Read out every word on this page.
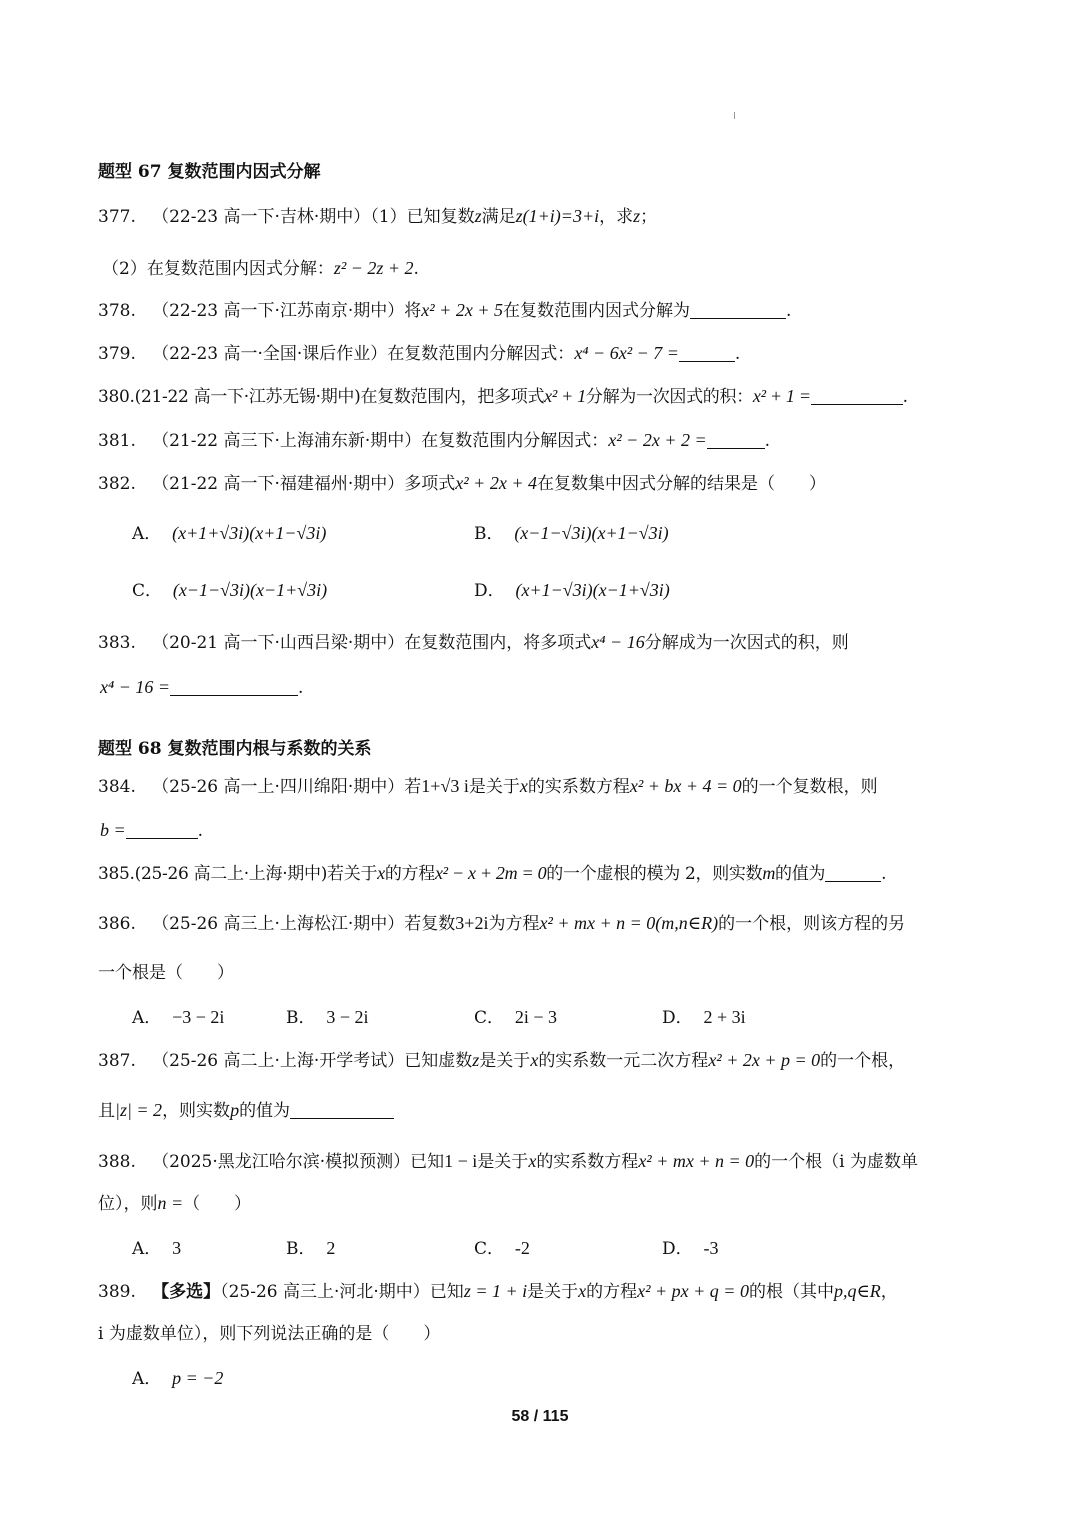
题型 67 复数范围内因式分解
377. （22-23 高一下·吉林·期中）（1）已知复数z满足z(1+i)=3+i，求z；
（2）在复数范围内因式分解：z² − 2z + 2.
378. （22-23 高一下·江苏南京·期中）将x² + 2x + 5在复数范围内因式分解为	.
379. （22-23 高一·全国·课后作业）在复数范围内分解因式：x⁴ − 6x² − 7 =	.
380.(21-22 高一下·江苏无锡·期中)在复数范围内，把多项式x² + 1分解为一次因式的积：x² + 1 =	.
381. （21-22 高三下·上海浦东新·期中）在复数范围内分解因式：x² − 2x + 2 =	.
382. （21-22 高一下·福建福州·期中）多项式x² + 2x + 4在复数集中因式分解的结果是（　　）
A． (x+1+√3i)(x+1−√3i)	B． (x−1−√3i)(x+1−√3i)
C． (x−1−√3i)(x−1+√3i)	D． (x+1−√3i)(x−1+√3i)
383. （20-21 高一下·山西吕梁·期中）在复数范围内，将多项式x⁴ − 16分解成为一次因式的积，则
x⁴ − 16 =	.
题型 68 复数范围内根与系数的关系
384. （25-26 高一上·四川绵阳·期中）若1+√3 i是关于x的实系数方程x² + bx + 4 = 0的一个复数根，则
b =	.
385.(25-26 高二上·上海·期中)若关于x的方程x² − x + 2m = 0的一个虚根的模为 2，则实数m的值为	.
386. （25-26 高三上·上海松江·期中）若复数3+2i为方程x² + mx + n = 0(m,n∈R)的一个根，则该方程的另
一个根是（　　）
A． −3 − 2i	B． 3 − 2i	C． 2i − 3	D． 2 + 3i
387. （25-26 高二上·上海·开学考试）已知虚数z是关于x的实系数一元二次方程x² + 2x + p = 0的一个根，
且|z| = 2，则实数p的值为
388. （2025·黑龙江哈尔滨·模拟预测）已知1 − i是关于x的实系数方程x² + mx + n = 0的一个根（i 为虚数单
位），则n =（　　）
A． 3	B． 2	C． -2	D． -3
389. 【多选】（25-26 高三上·河北·期中）已知z = 1 + i是关于x的方程x² + px + q = 0的根（其中p,q∈R，
i 为虚数单位），则下列说法正确的是（　　）
A． p = −2
58 / 115
